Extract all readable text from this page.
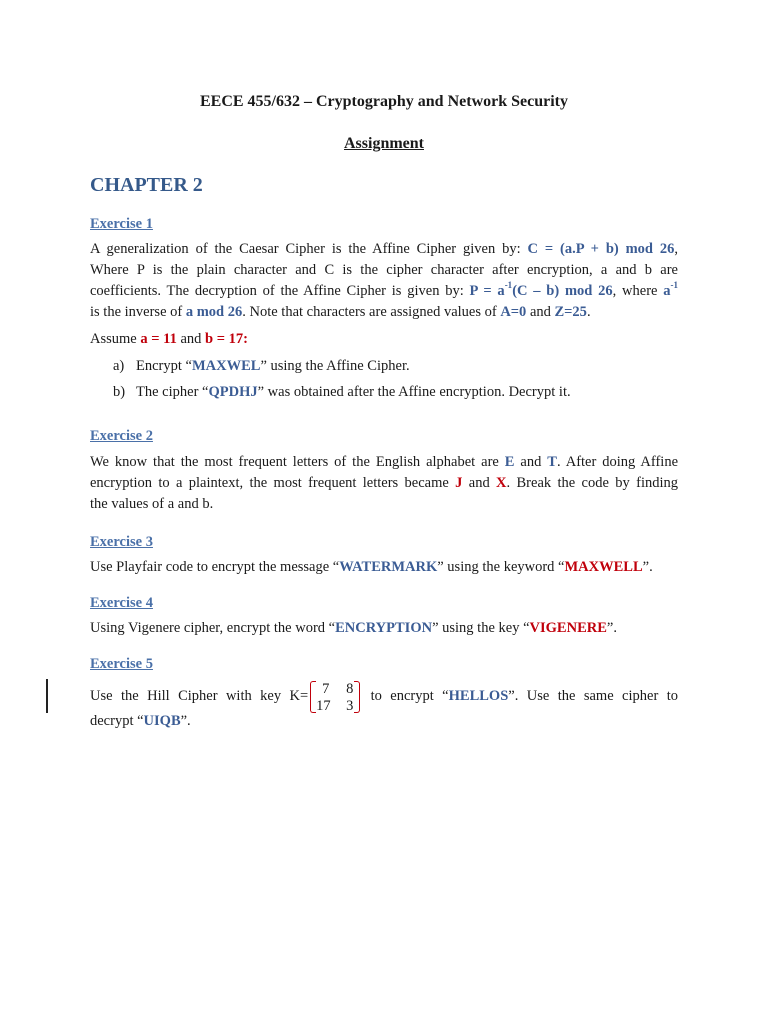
EECE 455/632 – Cryptography and Network Security
Assignment
CHAPTER 2
Exercise 1
A generalization of the Caesar Cipher is the Affine Cipher given by: C = (a.P + b) mod 26,
Where P is the plain character and C is the cipher character after encryption, a and b are
coefficients. The decryption of the Affine Cipher is given by: $P = a^{-1}(C - b)$ mod 26, where $a^{-1}$
is the inverse of a mod 26. Note that characters are assigned values of A=0 and Z=25.
Assume a = 11 and b = 17:
a) Encrypt “MAXWEL” using the Affine Cipher.
b) The cipher “QPDHJ” was obtained after the Affine encryption. Decrypt it.
Exercise 2
We know that the most frequent letters of the English alphabet are E and T. After doing Affine
encryption to a plaintext, the most frequent letters became J and X. Break the code by finding
the values of a and b.
Exercise 3
Use Playfair code to encrypt the message “WATERMARK” using the keyword “MAXWELL”.
Exercise 4
Using Vigenere cipher, encrypt the word “ENCRYPTION” using the key “VIGENERE”.
Exercise 5
Use the Hill Cipher with key K= 7 8
17 3
to encrypt “HELLOS”. Use the same cipher to
decrypt “UIQB”.
